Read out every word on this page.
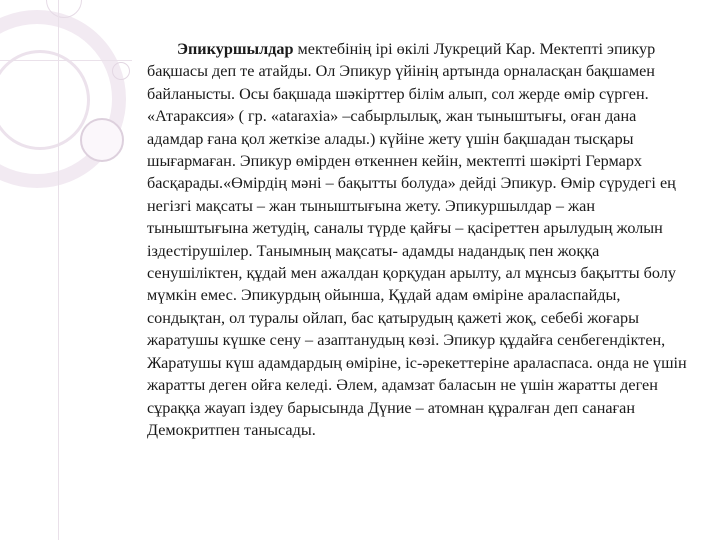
Эпикуршылдар мектебінің ірі өкілі Лукреций Кар. Мектепті эпикур бақшасы деп те атайды. Ол Эпикур үйінің артында орналасқан бақшамен байланысты. Осы бақшада шәкірттер білім алып, сол жерде өмір сүрген. «Атараксия» ( гр. «ataraxia» –сабырлылық, жан тыныштығы, оған дана адамдар ғана қол жеткізе алады.) күйіне жету үшін бақшадан тысқары шығармаған. Эпикур өмірден өткеннен кейін, мектепті шәкірті Гермарх басқарады.«Өмірдің мәні – бақытты болуда» дейді Эпикур. Өмір сүрудегі ең негізгі мақсаты – жан тыныштығына жету. Эпикуршылдар – жан тыныштығына жетудің, саналы түрде қайғы – қасіреттен арылудың жолын іздестірушілер. Танымның мақсаты- адамды надандық пен жоққа сенушіліктен, құдай мен ажалдан қорқудан арылту, ал мұнсыз бақытты болу мүмкін емес. Эпикурдың ойынша, Құдай адам өміріне араласпайды, сондықтан, ол туралы ойлап, бас қатырудың қажеті жоқ, себебі жоғары жаратушы күшке сену – азаптанудың көзі. Эпикур құдайға сенбегендіктен, Жаратушы күш адамдардың өміріне, іс-әрекеттеріне араласпаса. онда не үшін жаратты деген ойға келеді. Әлем, адамзат баласын не үшін жаратты деген сұраққа жауап іздеу барысында Дүние – атомнан құралған деп санаған Демокритпен танысады.
